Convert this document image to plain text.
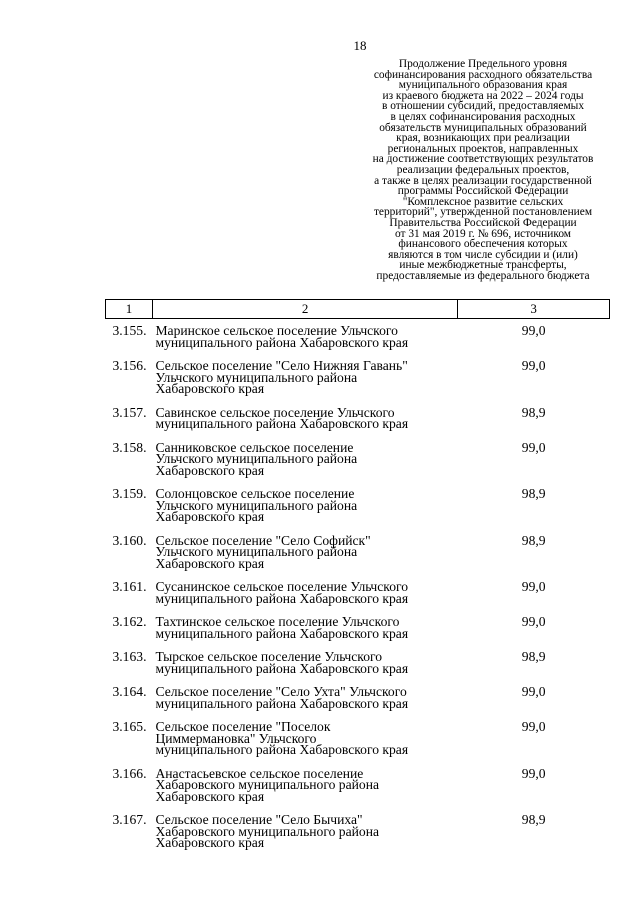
18
Продолжение Предельного уровня
софинансирования расходного обязательства
муниципального образования края
из краевого бюджета на 2022 – 2024 годы
в отношении субсидий, предоставляемых
в целях софинансирования расходных
обязательств муниципальных образований
края, возникающих при реализации
региональных проектов, направленных
на достижение соответствующих результатов
реализации федеральных проектов,
а также в целях реализации государственной
программы Российской Федерации
"Комплексное развитие сельских
территорий", утвержденной постановлением
Правительства Российской Федерации
от 31 мая 2019 г. № 696, источником
финансового обеспечения которых
являются в том числе субсидии и (или)
иные межбюджетные трансферты,
предоставляемые из федерального бюджета
1	2	3
3.155.	Маринское сельское поселение Ульчского
муниципального района Хабаровского края	99,0
3.156.	Сельское поселение "Село Нижняя Гавань"
Ульчского муниципального района
Хабаровского края	99,0
3.157.	Савинское сельское поселение Ульчского
муниципального района Хабаровского края	98,9
3.158.	Санниковское сельское поселение
Ульчского муниципального района
Хабаровского края	99,0
3.159.	Солонцовское сельское поселение
Ульчского муниципального района
Хабаровского края	98,9
3.160.	Сельское поселение "Село Софийск"
Ульчского муниципального района
Хабаровского края	98,9
3.161.	Сусанинское сельское поселение Ульчского
муниципального района Хабаровского края	99,0
3.162.	Тахтинское сельское поселение Ульчского
муниципального района Хабаровского края	99,0
3.163.	Тырское сельское поселение Ульчского
муниципального района Хабаровского края	98,9
3.164.	Сельское поселение "Село Ухта" Ульчского
муниципального района Хабаровского края	99,0
3.165.	Сельское поселение "Поселок
Циммермановка" Ульчского
муниципального района Хабаровского края	99,0
3.166.	Анастасьевское сельское поселение
Хабаровского муниципального района
Хабаровского края	99,0
3.167.	Сельское поселение "Село Бычиха"
Хабаровского муниципального района
Хабаровского края	98,9
